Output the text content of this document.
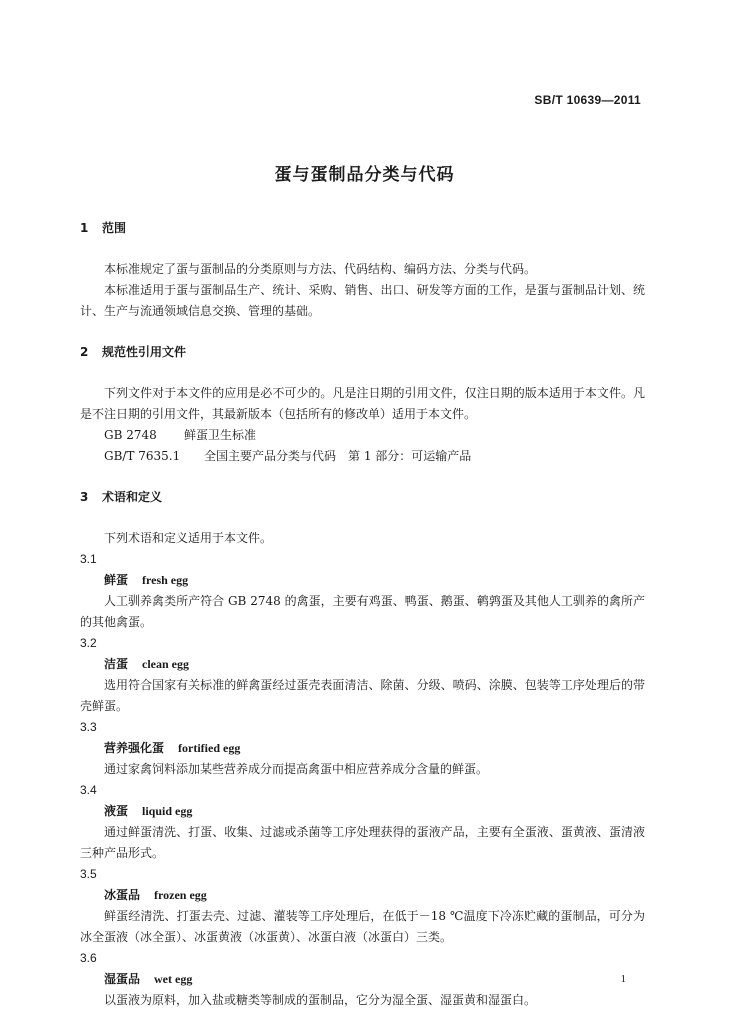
SB/T 10639—2011
蛋与蛋制品分类与代码
1 范围
本标准规定了蛋与蛋制品的分类原则与方法、代码结构、编码方法、分类与代码。
本标准适用于蛋与蛋制品生产、统计、采购、销售、出口、研发等方面的工作，是蛋与蛋制品计划、统计、生产与流通领域信息交换、管理的基础。
2 规范性引用文件
下列文件对于本文件的应用是必不可少的。凡是注日期的引用文件，仅注日期的版本适用于本文件。凡是不注日期的引用文件，其最新版本（包括所有的修改单）适用于本文件。
GB 2748 鲜蛋卫生标准
GB/T 7635.1 全国主要产品分类与代码　第 1 部分：可运输产品
3 术语和定义
下列术语和定义适用于本文件。
3.1
鲜蛋 fresh egg
人工驯养禽类所产符合 GB 2748 的禽蛋，主要有鸡蛋、鸭蛋、鹅蛋、鹌鹑蛋及其他人工驯养的禽所产的其他禽蛋。
3.2
洁蛋 clean egg
选用符合国家有关标准的鲜禽蛋经过蛋壳表面清洁、除菌、分级、喷码、涂膜、包装等工序处理后的带壳鲜蛋。
3.3
营养强化蛋 fortified egg
通过家禽饲料添加某些营养成分而提高禽蛋中相应营养成分含量的鲜蛋。
3.4
液蛋 liquid egg
通过鲜蛋清洗、打蛋、收集、过滤或杀菌等工序处理获得的蛋液产品，主要有全蛋液、蛋黄液、蛋清液三种产品形式。
3.5
冰蛋品 frozen egg
鲜蛋经清洗、打蛋去壳、过滤、灌装等工序处理后，在低于－18 ℃温度下冷冻贮藏的蛋制品，可分为冰全蛋液（冰全蛋）、冰蛋黄液（冰蛋黄）、冰蛋白液（冰蛋白）三类。
3.6
湿蛋品 wet egg
以蛋液为原料，加入盐或糖类等制成的蛋制品，它分为湿全蛋、湿蛋黄和湿蛋白。
1
